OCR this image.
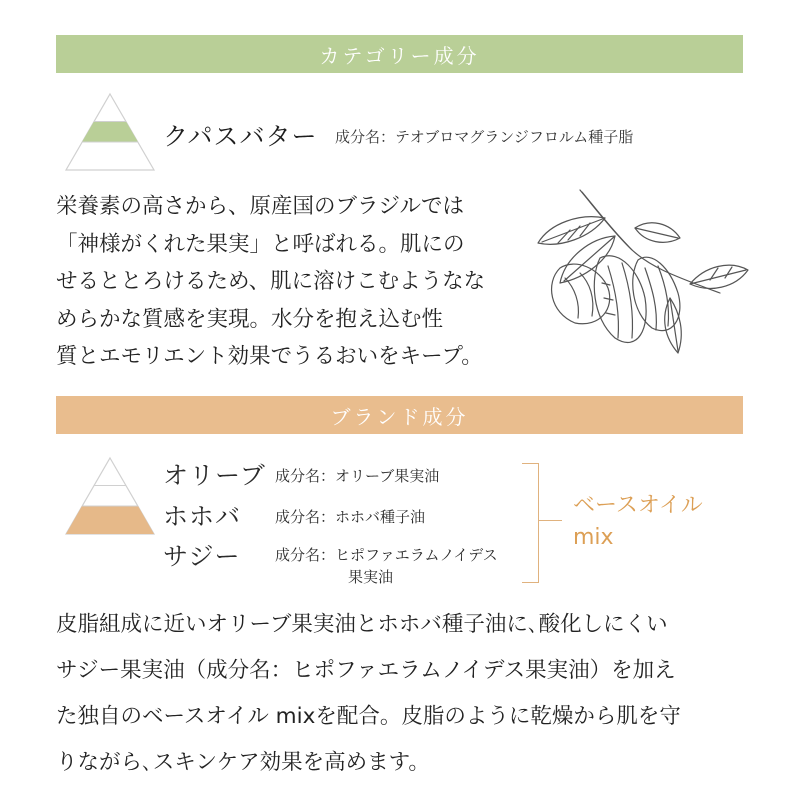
カテゴリー成分
クパスバター 成分名：テオブロマグランジフロルム種子脂
栄養素の高さから、原産国のブラジルでは
「神様がくれた果実」と呼ばれる。肌にの
せるととろけるため、肌に溶けこむようなな
めらかな質感を実現。水分を抱え込む性
質とエモリエント効果でうるおいをキープ。
ブランド成分
オリーブ 成分名：オリーブ果実油
ホホバ 成分名：ホホバ種子油
サジー 成分名：ヒポファエラムノイデス
果実油
ベースオイル
mix
皮脂組成に近いオリーブ果実油とホホバ種子油に､酸化しにくい
サジー果実油（成分名：ヒポファエラムノイデス果実油）を加え
た独自のベースオイル mixを配合。皮脂のように乾燥から肌を守
りながら､スキンケア効果を高めます。
